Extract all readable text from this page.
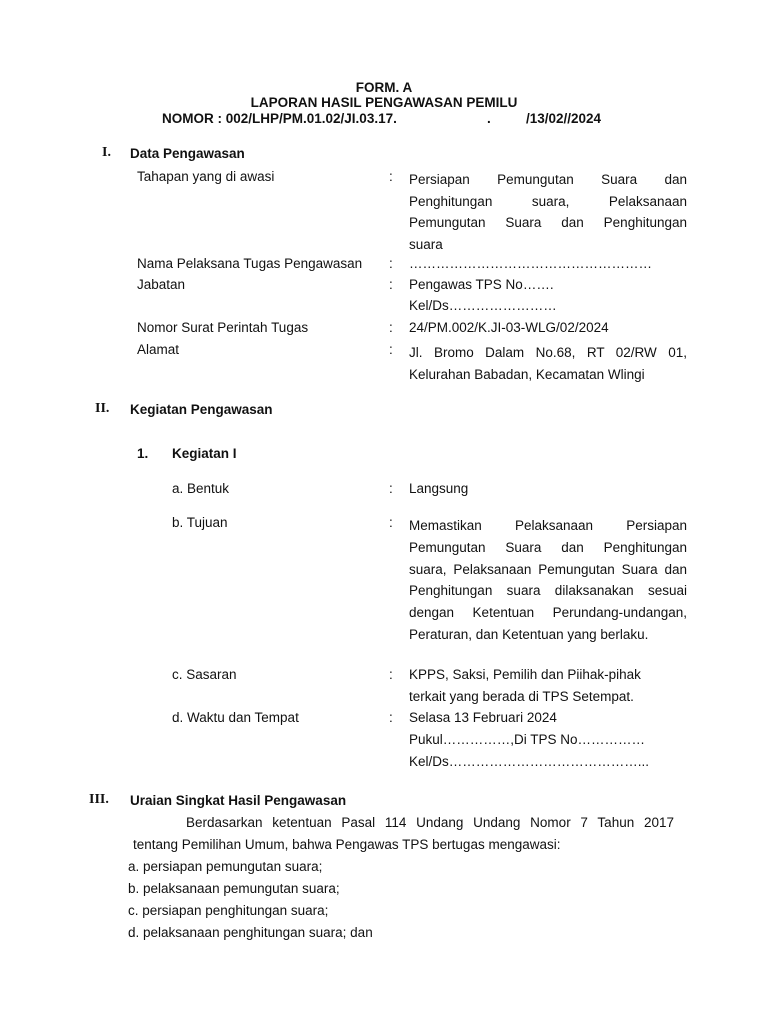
FORM. A
LAPORAN HASIL PENGAWASAN PEMILU
NOMOR : 002/LHP/PM.01.02/JI.03.17.	.	/13/02//2024
I. Data Pengawasan
Tahapan yang di awasi	: Persiapan Pemungutan Suara dan
Penghitungan suara, Pelaksanaan
Pemungutan Suara dan Penghitungan
suara
Nama Pelaksana Tugas Pengawasan : ………………………………………………
Jabatan	: Pengawas TPS No…….
Kel/Ds……………………
Nomor Surat Perintah Tugas	: 24/PM.002/K.JI-03-WLG/02/2024
Alamat	: Jl. Bromo Dalam No.68, RT 02/RW 01,
Kelurahan Babadan, Kecamatan Wlingi
II. Kegiatan Pengawasan
1. Kegiatan I
a. Bentuk	: Langsung
b. Tujuan	: Memastikan Pelaksanaan Persiapan
Pemungutan Suara dan Penghitungan
suara, Pelaksanaan Pemungutan Suara dan
Penghitungan suara dilaksanakan sesuai
dengan Ketentuan Perundang-undangan,
Peraturan, dan Ketentuan yang berlaku.
c. Sasaran	: KPPS, Saksi, Pemilih dan Piihak-pihak
terkait yang berada di TPS Setempat.
d. Waktu dan Tempat	: Selasa 13 Februari 2024
Pukul……………,Di TPS No……………
Kel/Ds……………………………………...
III. Uraian Singkat Hasil Pengawasan
Berdasarkan ketentuan Pasal 114 Undang Undang Nomor 7 Tahun 2017
tentang Pemilihan Umum, bahwa Pengawas TPS bertugas mengawasi:
a. persiapan pemungutan suara;
b. pelaksanaan pemungutan suara;
c. persiapan penghitungan suara;
d. pelaksanaan penghitungan suara; dan
